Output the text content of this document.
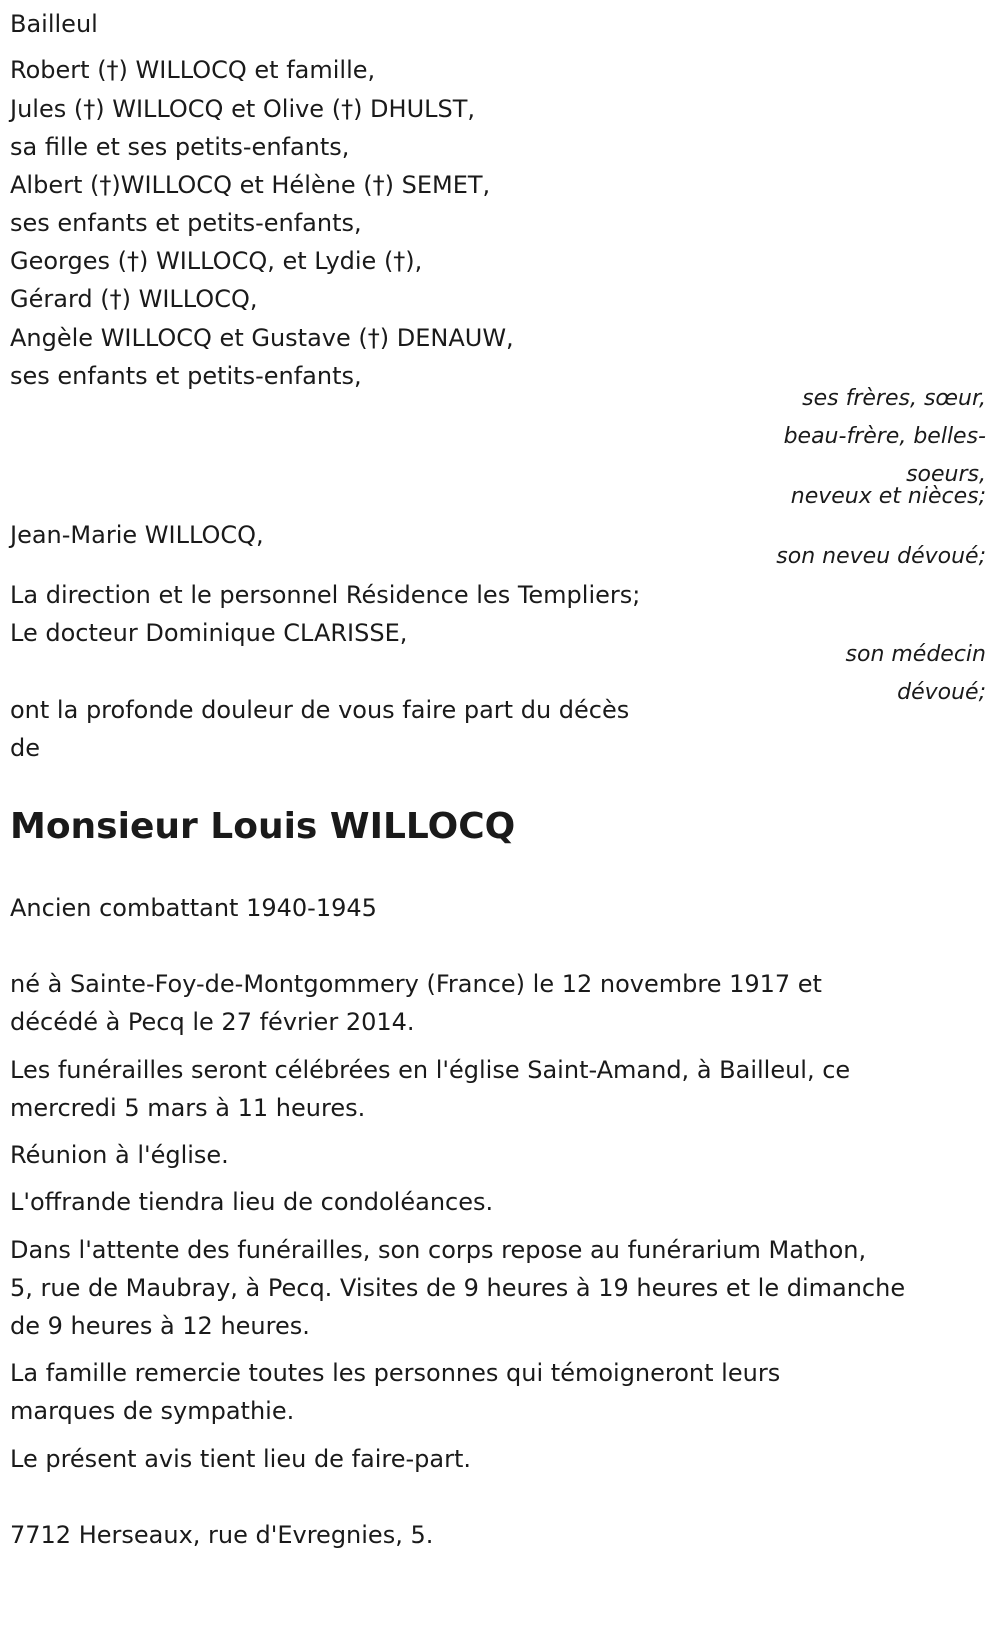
Bailleul

Robert (†) WILLOCQ et famille,

Jules (†) WILLOCQ et Olive (†) DHULST,

sa fille et ses petits-enfants,

Albert (†)WILLOCQ et Hélène (†) SEMET,

ses enfants et petits-enfants,

Georges (†) WILLOCQ, et Lydie (†),

Gérard (†) WILLOCQ,

Angèle WILLOCQ et Gustave (†) DENAUW,

ses enfants et petits-enfants,

ses frères, sœur,

beau-frère, belles-

soeurs,

neveux et nièces;

Jean-Marie WILLOCQ,

son neveu dévoué;

La direction et le personnel Résidence les Templiers;

Le docteur Dominique CLARISSE,

son médecin

dévoué;

ont la profonde douleur de vous faire part du décès

de

Monsieur Louis WILLOCQ

Ancien combattant 1940-1945

né à Sainte-Foy-de-Montgommery (France) le 12 novembre 1917 et

décédé à Pecq le 27 février 2014.

Les funérailles seront célébrées en l'église Saint-Amand, à Bailleul, ce

mercredi 5 mars à 11 heures.

Réunion à l'église.

L'offrande tiendra lieu de condoléances.

Dans l'attente des funérailles, son corps repose au funérarium Mathon,

5, rue de Maubray, à Pecq. Visites de 9 heures à 19 heures et le dimanche

de 9 heures à 12 heures.

La famille remercie toutes les personnes qui témoigneront leurs

marques de sympathie.

Le présent avis tient lieu de faire-part.

7712 Herseaux, rue d'Evregnies, 5.
